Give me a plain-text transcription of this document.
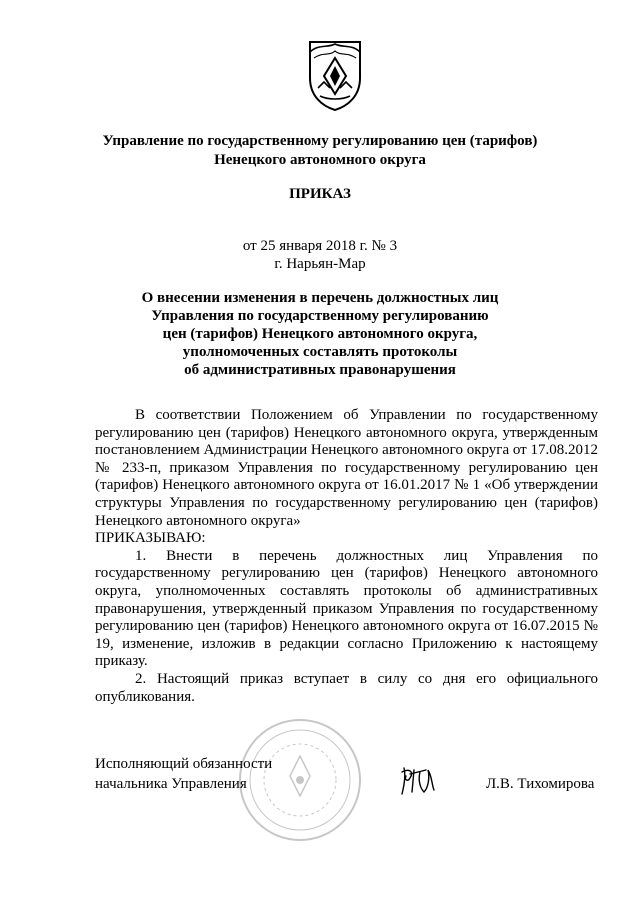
Управление по государственному регулированию цен (тарифов)
Ненецкого автономного округа
ПРИКАЗ
от 25 января 2018 г. № 3
г. Нарьян-Мар
О внесении изменения в перечень должностных лиц
Управления по государственному регулированию
цен (тарифов) Ненецкого автономного округа,
уполномоченных составлять протоколы
об административных правонарушения

В соответствии Положением об Управлении по государственному регулированию цен (тарифов) Ненецкого автономного округа, утвержденным постановлением Администрации Ненецкого автономного округа от 17.08.2012 № 233-п, приказом Управления по государственному регулированию цен (тарифов) Ненецкого автономного округа от 16.01.2017 № 1 «Об утверждении структуры Управления по государственному регулированию цен (тарифов) Ненецкого автономного округа»

ПРИКАЗЫВАЮ:

1. Внести в перечень должностных лиц Управления по государственному регулированию цен (тарифов) Ненецкого автономного округа, уполномоченных составлять протоколы об административных правонарушения, утвержденный приказом Управления по государственному регулированию цен (тарифов) Ненецкого автономного округа от 16.07.2015 № 19, изменение, изложив в редакции согласно Приложению к настоящему приказу.

2. Настоящий приказ вступает в силу со дня его официального опубликования.

Исполняющий обязанности
начальника Управления	Л.В. Тихомирова
